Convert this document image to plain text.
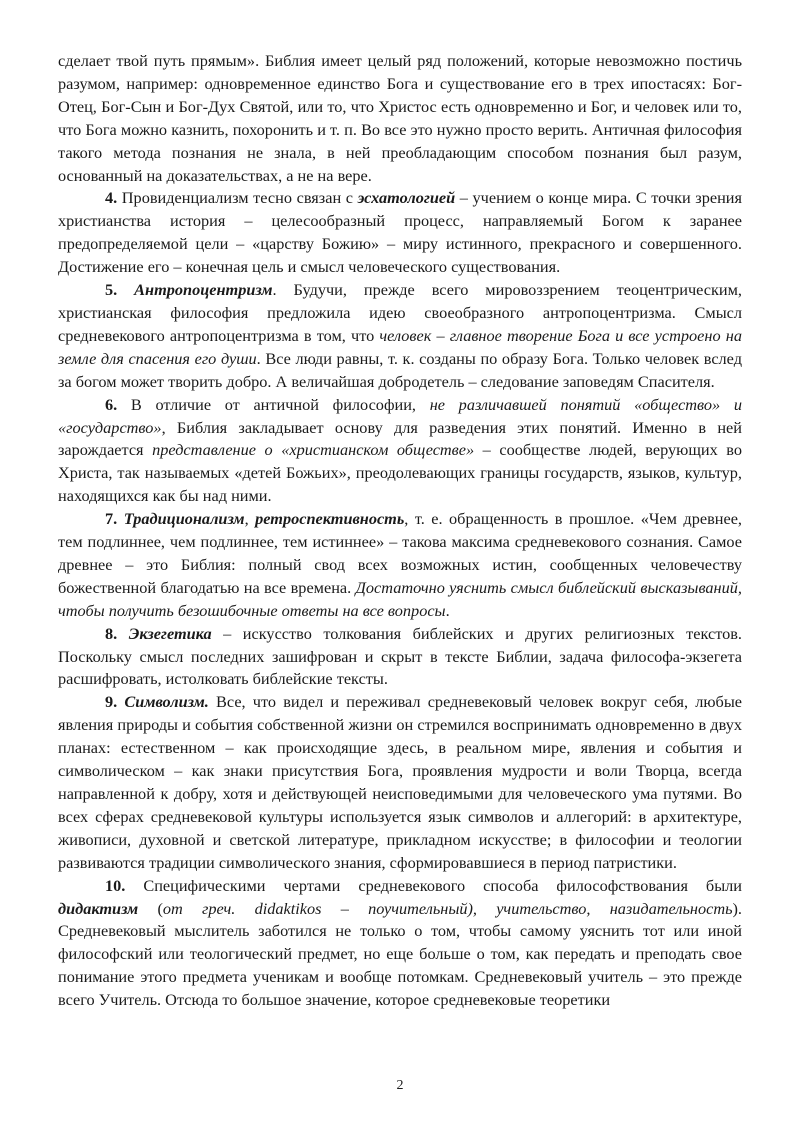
сделает твой путь прямым». Библия имеет целый ряд положений, которые невозможно постичь разумом, например: одновременное единство Бога и существование его в трех ипостасях: Бог-Отец, Бог-Сын и Бог-Дух Святой, или то, что Христос есть одновременно и Бог, и человек или то, что Бога можно казнить, похоронить и т. п. Во все это нужно просто верить. Античная философия такого метода познания не знала, в ней преобладающим способом познания был разум, основанный на доказательствах, а не на вере.

4. Провиденциализм тесно связан с эсхатологией – учением о конце мира. С точки зрения христианства история – целесообразный процесс, направляемый Богом к заранее предопределяемой цели – «царству Божию» – миру истинного, прекрасного и совершенного. Достижение его – конечная цель и смысл человеческого существования.

5. Антропоцентризм. Будучи, прежде всего мировоззрением теоцентрическим, христианская философия предложила идею своеобразного антропоцентризма. Смысл средневекового антропоцентризма в том, что человек – главное творение Бога и все устроено на земле для спасения его души. Все люди равны, т. к. созданы по образу Бога. Только человек вслед за богом может творить добро. А величайшая добродетель – следование заповедям Спасителя.

6. В отличие от античной философии, не различавшей понятий «общество» и «государство», Библия закладывает основу для разведения этих понятий. Именно в ней зарождается представление о «христианском обществе» – сообществе людей, верующих во Христа, так называемых «детей Божьих», преодолевающих границы государств, языков, культур, находящихся как бы над ними.

7. Традиционализм, ретроспективность, т. е. обращенность в прошлое. «Чем древнее, тем подлиннее, чем подлиннее, тем истиннее» – такова максима средневекового сознания. Самое древнее – это Библия: полный свод всех возможных истин, сообщенных человечеству божественной благодатью на все времена. Достаточно уяснить смысл библейский высказываний, чтобы получить безошибочные ответы на все вопросы.

8. Экзегетика – искусство толкования библейских и других религиозных текстов. Поскольку смысл последних зашифрован и скрыт в тексте Библии, задача философа-экзегета расшифровать, истолковать библейские тексты.

9. Символизм. Все, что видел и переживал средневековый человек вокруг себя, любые явления природы и события собственной жизни он стремился воспринимать одновременно в двух планах: естественном – как происходящие здесь, в реальном мире, явления и события и символическом – как знаки присутствия Бога, проявления мудрости и воли Творца, всегда направленной к добру, хотя и действующей неисповедимыми для человеческого ума путями. Во всех сферах средневековой культуры используется язык символов и аллегорий: в архитектуре, живописи, духовной и светской литературе, прикладном искусстве; в философии и теологии развиваются традиции символического знания, сформировавшиеся в период патристики.

10. Специфическими чертами средневекового способа философствования были дидактизм (от греч. didaktikos – поучительный), учительство, назидательность). Средневековый мыслитель заботился не только о том, чтобы самому уяснить тот или иной философский или теологический предмет, но еще больше о том, как передать и преподать свое понимание этого предмета ученикам и вообще потомкам. Средневековый учитель – это прежде всего Учитель. Отсюда то большое значение, которое средневековые теоретики

2
